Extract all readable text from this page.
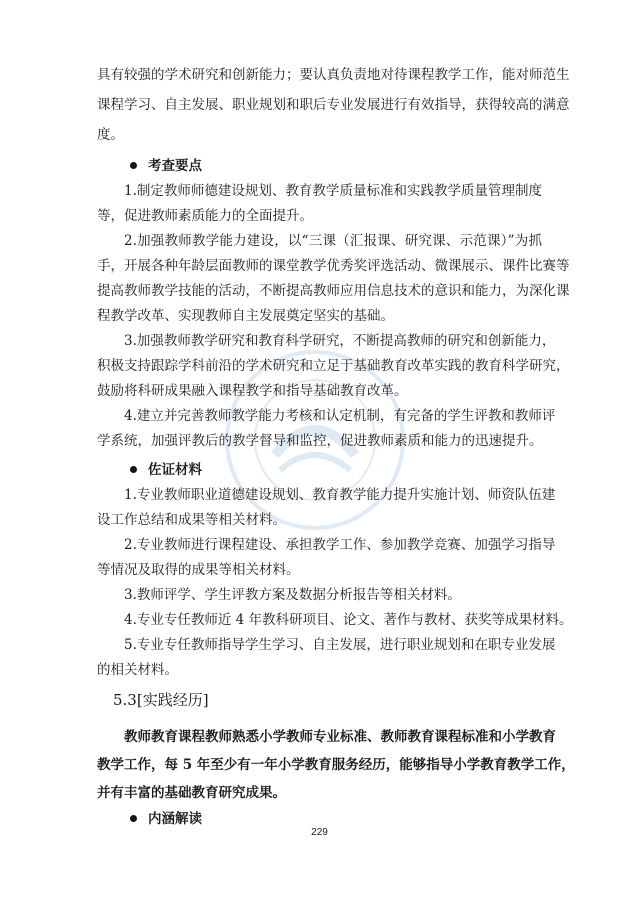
具有较强的学术研究和创新能力；要认真负责地对待课程教学工作，能对师范生
课程学习、自主发展、职业规划和职后专业发展进行有效指导，获得较高的满意
度。
考查要点
1.制定教师师德建设规划、教育教学质量标准和实践教学质量管理制度
等，促进教师素质能力的全面提升。
2.加强教师教学能力建设，以“三课（汇报课、研究课、示范课）”为抓
手，开展各种年龄层面教师的课堂教学优秀奖评选活动、微课展示、课件比赛等
提高教师教学技能的活动，不断提高教师应用信息技术的意识和能力，为深化课
程教学改革、实现教师自主发展奠定坚实的基础。
3.加强教师教学研究和教育科学研究，不断提高教师的研究和创新能力，
积极支持跟踪学科前沿的学术研究和立足于基础教育改革实践的教育科学研究，
鼓励将科研成果融入课程教学和指导基础教育改革。
4.建立并完善教师教学能力考核和认定机制，有完备的学生评教和教师评
学系统，加强评教后的教学督导和监控，促进教师素质和能力的迅速提升。
佐证材料
1.专业教师职业道德建设规划、教育教学能力提升实施计划、师资队伍建
设工作总结和成果等相关材料。
2.专业教师进行课程建设、承担教学工作、参加教学竞赛、加强学习指导
等情况及取得的成果等相关材料。
3.教师评学、学生评教方案及数据分析报告等相关材料。
4.专业专任教师近 4 年教科研项目、论文、著作与教材、获奖等成果材料。
5.专业专任教师指导学生学习、自主发展，进行职业规划和在职专业发展
的相关材料。
5.3[实践经历]
教师教育课程教师熟悉小学教师专业标准、教师教育课程标准和小学教育
教学工作，每 5 年至少有一年小学教育服务经历，能够指导小学教育教学工作，
并有丰富的基础教育研究成果。
内涵解读
229
